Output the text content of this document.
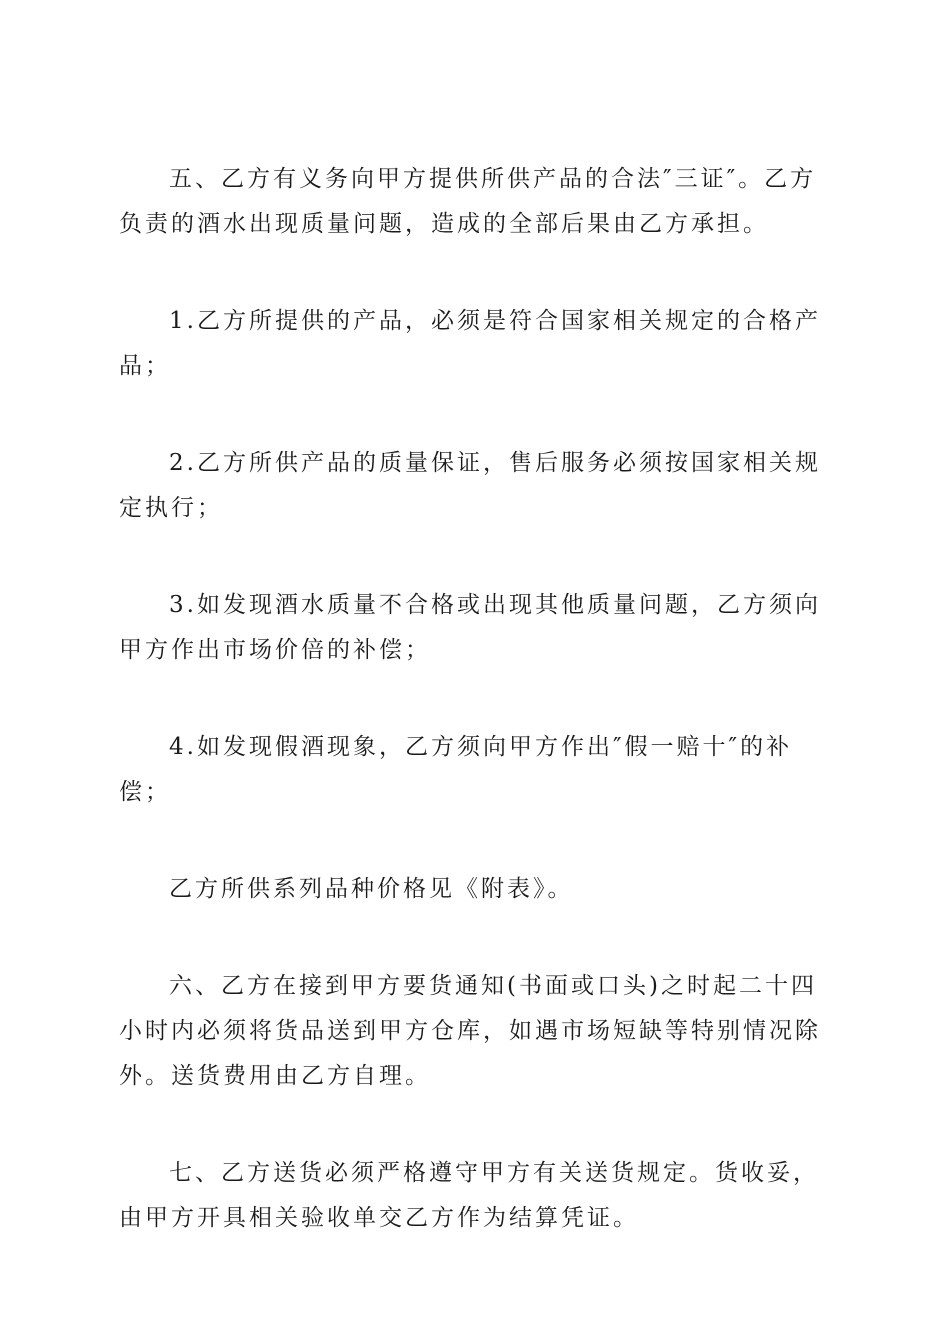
五、乙方有义务向甲方提供所供产品的合法″三证″。乙方负责的酒水出现质量问题，造成的全部后果由乙方承担。

1.乙方所提供的产品，必须是符合国家相关规定的合格产品；

2.乙方所供产品的质量保证，售后服务必须按国家相关规定执行；

3.如发现酒水质量不合格或出现其他质量问题，乙方须向甲方作出市场价倍的补偿；

4.如发现假酒现象，乙方须向甲方作出″假一赔十″的补偿；

乙方所供系列品种价格见《附表》。

六、乙方在接到甲方要货通知(书面或口头)之时起二十四小时内必须将货品送到甲方仓库，如遇市场短缺等特别情况除外。送货费用由乙方自理。

七、乙方送货必须严格遵守甲方有关送货规定。货收妥，由甲方开具相关验收单交乙方作为结算凭证。
